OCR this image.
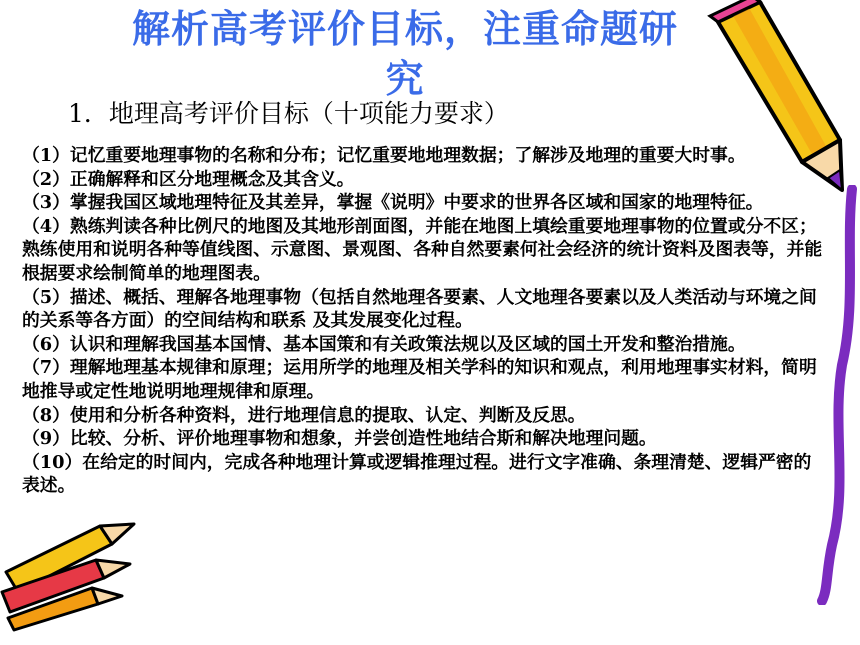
解析高考评价目标，注重命题研究
1．地理高考评价目标（十项能力要求）

（1）记忆重要地理事物的名称和分布；记忆重要地地理数据；了解涉及地理的重要大时事。

（2）正确解释和区分地理概念及其含义。

（3）掌握我国区域地理特征及其差异，掌握《说明》中要求的世界各区域和国家的地理特征。

（4）熟练判读各种比例尺的地图及其地形剖面图，并能在地图上填绘重要地理事物的位置或分不区；熟练使用和说明各种等值线图、示意图、景观图、各种自然要素何社会经济的统计资料及图表等，并能根据要求绘制简单的地理图表。

（5）描述、概括、理解各地理事物（包括自然地理各要素、人文地理各要素以及人类活动与环境之间的关系等各方面）的空间结构和联系 及其发展变化过程。

（6）认识和理解我国基本国情、基本国策和有关政策法规以及区域的国土开发和整治措施。

（7）理解地理基本规律和原理；运用所学的地理及相关学科的知识和观点，利用地理事实材料，简明地推导或定性地说明地理规律和原理。

（8）使用和分析各种资料，进行地理信息的提取、认定、判断及反思。

（9）比较、分析、评价地理事物和想象，并尝创造性地结合斯和解决地理问题。

（10）在给定的时间内，完成各种地理计算或逻辑推理过程。进行文字准确、条理清楚、逻辑严密的表述。
